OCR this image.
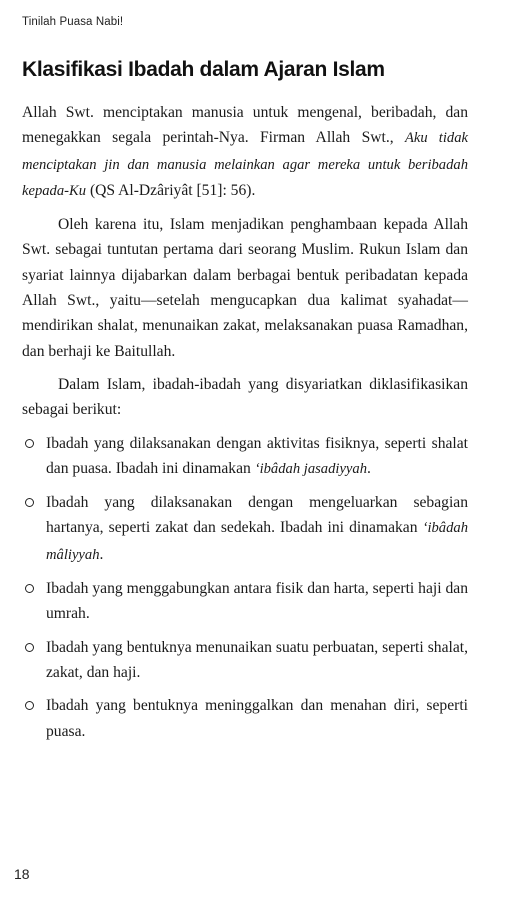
Tinilah Puasa Nabi!
Klasifikasi Ibadah dalam Ajaran Islam

Allah Swt. menciptakan manusia untuk mengenal, beribadah, dan menegakkan segala perintah-Nya. Firman Allah Swt., Aku tidak menciptakan jin dan manusia melainkan agar mereka untuk beribadah kepada-Ku (QS Al-Dzâriyât [51]: 56).

Oleh karena itu, Islam menjadikan penghambaan kepada Allah Swt. sebagai tuntutan pertama dari seorang Muslim. Rukun Islam dan syariat lainnya dijabarkan dalam berbagai bentuk peribadatan kepada Allah Swt., yaitu—setelah mengucapkan dua kalimat syahadat—mendirikan shalat, menunaikan zakat, melaksanakan puasa Ramadhan, dan berhaji ke Baitullah.

Dalam Islam, ibadah-ibadah yang disyariatkan diklasifikasikan sebagai berikut:

Ibadah yang dilaksanakan dengan aktivitas fisiknya, seperti shalat dan puasa. Ibadah ini dinamakan ‘ibâdah jasadiyyah.
Ibadah yang dilaksanakan dengan mengeluarkan sebagian hartanya, seperti zakat dan sedekah. Ibadah ini dinamakan ‘ibâdah mâliyyah.
Ibadah yang menggabungkan antara fisik dan harta, seperti haji dan umrah.
Ibadah yang bentuknya menunaikan suatu perbuatan, seperti shalat, zakat, dan haji.
Ibadah yang bentuknya meninggalkan dan menahan diri, seperti puasa.
18
